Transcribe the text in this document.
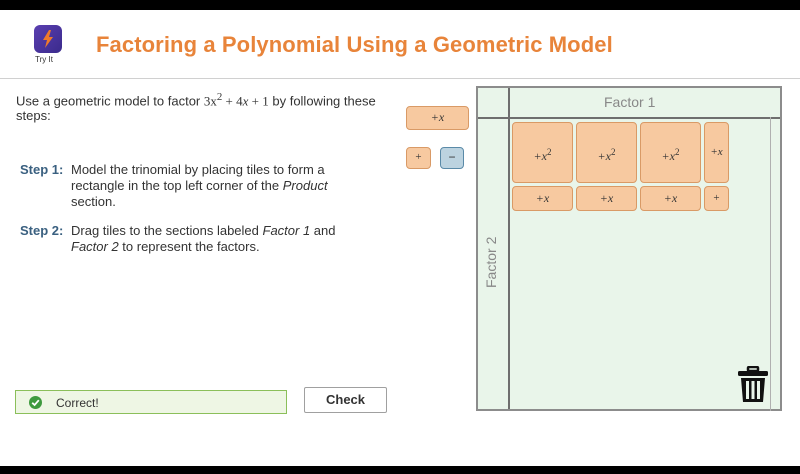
Try It
Factoring a Polynomial Using a Geometric Model
Use a geometric model to factor $3x^2 + 4x + 1$ by following these steps:
Step 1: Model the trinomial by placing tiles to form a rectangle in the top left corner of the Product section.
Step 2: Drag tiles to the sections labeled Factor 1 and Factor 2 to represent the factors.
Correct!	Check
+x
+	−
Factor 1
Factor 2
$+x^2$	$+x^2$	$+x^2$	+x
+x	+x	+x	+
